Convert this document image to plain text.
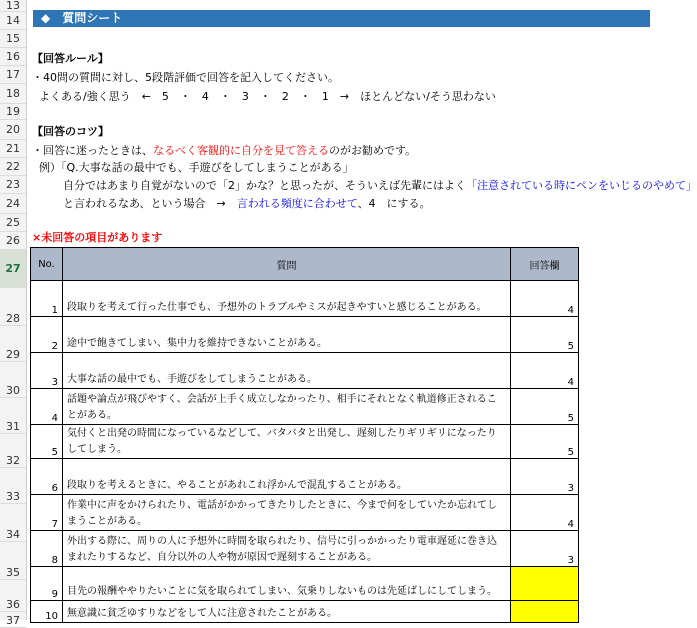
13
14
15
16
17
18
19
20
21
22
23
24
25
26
27
28
29
30
31
32
33
34
35
36
37
◆　質問シート
【回答ルール】
・40問の質問に対し、5段階評価で回答を記入してください。
よくある/強く思う　←　5　・　4　・　3　・　2　・　1　→　ほとんどない/そう思わない
【回答のコツ】
・回答に迷ったときは、なるべく客観的に自分を見て答えるのがお勧めです。
例）「Q.大事な話の最中でも、手遊びをしてしまうことがある」
自分ではあまり自覚がないので「2」かな？と思ったが、そういえば先輩にはよく「注意されている時にペンをいじるのやめて」
と言われるなあ、という場合　→　言われる頻度に合わせて、4　にする。
×未回答の項目があります
No.	質問	回答欄
1	段取りを考えて行った仕事でも、予想外のトラブルやミスが起きやすいと感じることがある。	4
2	途中で飽きてしまい、集中力を維持できないことがある。	5
3	大事な話の最中でも、手遊びをしてしまうことがある。	4
4	話題や論点が飛びやすく、会話が上手く成立しなかったり、相手にそれとなく軌道修正されることがある。	5
5	気付くと出発の時間になっているなどして、バタバタと出発し、遅刻したりギリギリになったりしてしまう。	5
6	段取りを考えるときに、やることがあれこれ浮かんで混乱することがある。	3
7	作業中に声をかけられたり、電話がかかってきたりしたときに、今まで何をしていたか忘れてしまうことがある。	4
8	外出する際に、周りの人に予想外に時間を取られたり、信号に引っかかったり電車遅延に巻き込まれたりするなど、自分以外の人や物が原因で遅刻することがある。	3
9	目先の報酬ややりたいことに気を取られてしまい、気乗りしないものは先延ばしにしてしまう。	
10	無意識に貧乏ゆすりなどをして人に注意されたことがある。	
